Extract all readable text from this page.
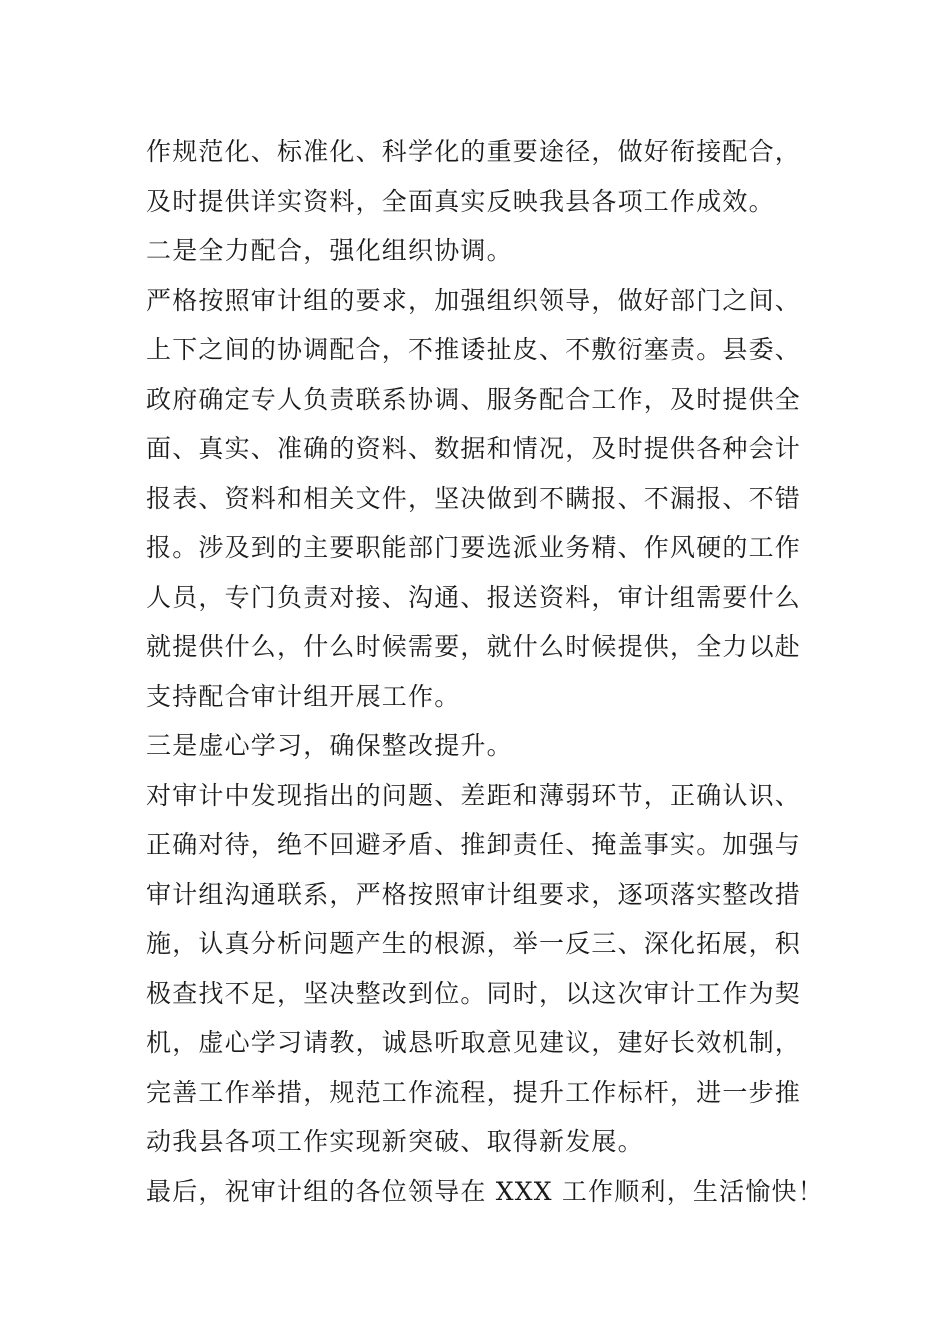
作规范化、标准化、科学化的重要途径，做好衔接配合，
及时提供详实资料，全面真实反映我县各项工作成效。
二是全力配合，强化组织协调。
严格按照审计组的要求，加强组织领导，做好部门之间、
上下之间的协调配合，不推诿扯皮、不敷衍塞责。县委、
政府确定专人负责联系协调、服务配合工作，及时提供全
面、真实、准确的资料、数据和情况，及时提供各种会计
报表、资料和相关文件，坚决做到不瞒报、不漏报、不错
报。涉及到的主要职能部门要选派业务精、作风硬的工作
人员，专门负责对接、沟通、报送资料，审计组需要什么
就提供什么，什么时候需要，就什么时候提供，全力以赴
支持配合审计组开展工作。
三是虚心学习，确保整改提升。
对审计中发现指出的问题、差距和薄弱环节，正确认识、
正确对待，绝不回避矛盾、推卸责任、掩盖事实。加强与
审计组沟通联系，严格按照审计组要求，逐项落实整改措
施，认真分析问题产生的根源，举一反三、深化拓展，积
极查找不足，坚决整改到位。同时，以这次审计工作为契
机，虚心学习请教，诚恳听取意见建议，建好长效机制，
完善工作举措，规范工作流程，提升工作标杆，进一步推
动我县各项工作实现新突破、取得新发展。
最后，祝审计组的各位领导在 XXX 工作顺利，生活愉快！
